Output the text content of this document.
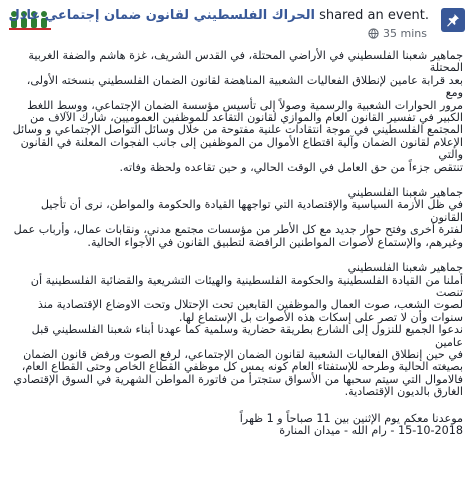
الحراك الفلسطيني لقانون ضمان إجتماعي عادل shared an event.
35 mins

جماهير شعبنا الفلسطيني في الأراضي المحتلة، في القدس الشريف، غزة هاشم والضفة الغربية المحتلة
بعد قرابة عامين لإنطلاق الفعاليات الشعبية المناهضة لقانون الضمان الفلسطيني بنسخته الأولى، ومع
مرور الحوارات الشعبية والرسمية وصولاً إلى تأسيس مؤسسة الضمان الإجتماعي، ووسط اللغط
الكبير في تفسير القانون العام والموازي لقانون التقاعد للموظفين العموميين، شارك الآلاف من
المجتمع الفلسطيني في موجة انتقادات علنية مفتوحة من خلال وسائل التواصل الإجتماعي و وسائل
الإعلام لقانون الضمان وآلية اقتطاع الأموال من الموظفين إلى جانب الفجوات المعلنة في القانون والتي
تنتقص جزءاً من حق العامل في الوقت الحالي، و حين تقاعده ولحظة وفاته.

جماهير شعبنا الفلسطيني

في ظل الأزمة السياسية والإقتصادية التي تواجهها القيادة والحكومة والمواطن، نرى أن تأجيل القانون
لفترة أخرى وفتح حوار جديد مع كل الأطر من مؤسسات مجتمع مدني، ونقابات عمال، وأرباب عمل
وغيرهم، والإستماع لأصوات المواطنين الرافضة لتطبيق القانون في الأجواء الحالية.

جماهير شعبنا الفلسطيني

أملنا من القيادة الفلسطينية والحكومة الفلسطينية والهيئات التشريعية والقضائية الفلسطينية أن تنصت
لصوت الشعب، صوت العمال والموظفين القابعين تحت الإحتلال وتحت الاوضاع الإقتصادية منذ
سنوات وأن لا تصر على إسكات هذه الأصوات بل الإستماع لها.

ندعوا الجميع للنزول إلى الشارع بطريقة حضارية وسلمية كما عهدنا أبناء شعبنا الفلسطيني قبل عامين
في حين إنطلاق الفعاليات الشعبية لقانون الضمان الإجتماعي، لرفع الصوت ورفض قانون الضمان
بصيغته الحالية وطرحه للإستفتاء العام كونه يمس كل موظفي القطاع الخاص وحتى القطاع العام،
فالاموال التي سيتم سحبها من الأسواق ستجترأ من فاتورة المواطن الشهرية في السوق الإقتصادي
الغارق بالديون الإقتصادية.

موعدنا معكم يوم الإثنين بين 11 صباحاً و 1 ظهراً

15-10-2018 - رام الله - ميدان المنارة
